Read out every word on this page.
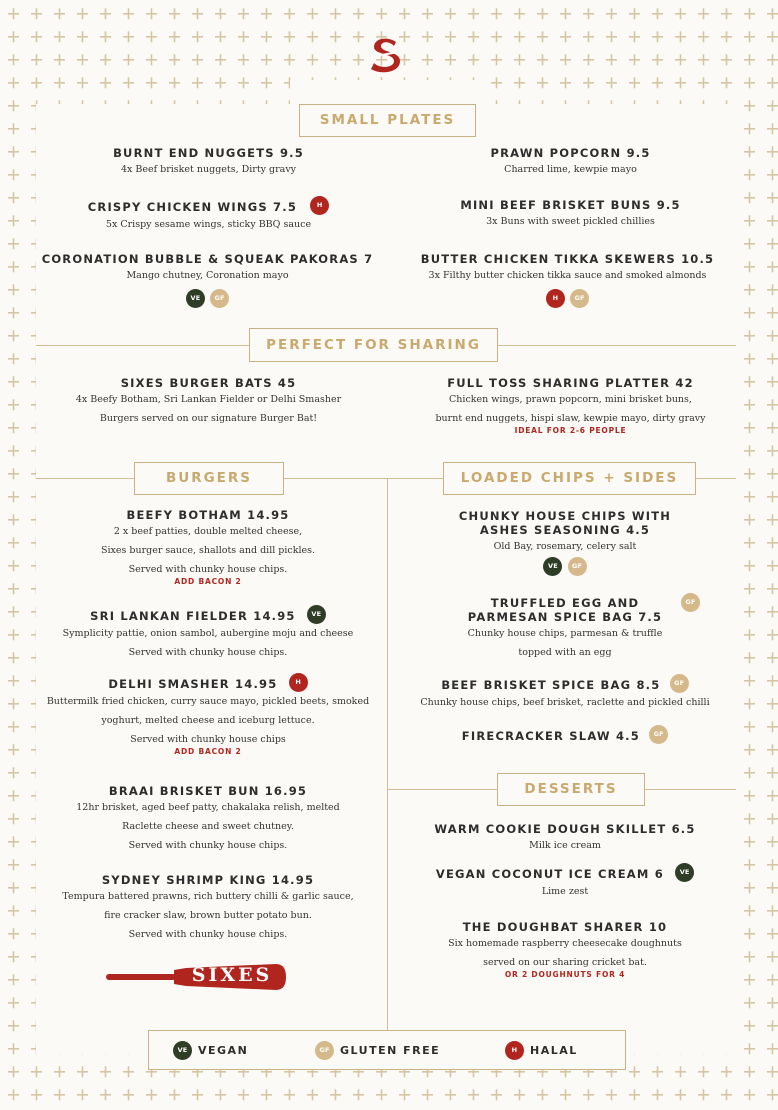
SMALL PLATES
BURNT END NUGGETS 9.5
4x Beef brisket nuggets, Dirty gravy
PRAWN POPCORN 9.5
Charred lime, kewpie mayo
CRISPY CHICKEN WINGS 7.5	H
5x Crispy sesame wings, sticky BBQ sauce
MINI BEEF BRISKET BUNS 9.5
3x Buns with sweet pickled chillies
CORONATION BUBBLE & SQUEAK PAKORAS 7
Mango chutney, Coronation mayo
VE GF
BUTTER CHICKEN TIKKA SKEWERS 10.5
3x Filthy butter chicken tikka sauce and smoked almonds
H GF
PERFECT FOR SHARING
SIXES BURGER BATS 45
4x Beefy Botham, Sri Lankan Fielder or Delhi Smasher
Burgers served on our signature Burger Bat!
FULL TOSS SHARING PLATTER 42
Chicken wings, prawn popcorn, mini brisket buns,
burnt end nuggets, hispi slaw, kewpie mayo, dirty gravy
IDEAL FOR 2-6 PEOPLE
BURGERS	LOADED CHIPS + SIDES
BEEFY BOTHAM 14.95
2 x beef patties, double melted cheese,
Sixes burger sauce, shallots and dill pickles.
Served with chunky house chips.
ADD BACON 2
SRI LANKAN FIELDER 14.95 VE
Symplicity pattie, onion sambol, aubergine moju and cheese
Served with chunky house chips.
DELHI SMASHER 14.95	H
Buttermilk fried chicken, curry sauce mayo, pickled beets, smoked
yoghurt, melted cheese and iceburg lettuce.
Served with chunky house chips
ADD BACON 2
BRAAI BRISKET BUN 16.95
12hr brisket, aged beef patty, chakalaka relish, melted
Raclette cheese and sweet chutney.
Served with chunky house chips.
SYDNEY SHRIMP KING 14.95
Tempura battered prawns, rich buttery chilli & garlic sauce,
fire cracker slaw, brown butter potato bun.
Served with chunky house chips.
CHUNKY HOUSE CHIPS WITH
ASHES SEASONING 4.5
Old Bay, rosemary, celery salt
VE GF
TRUFFLED EGG AND
PARMESAN SPICE BAG 7.5
Chunky house chips, parmesan & truffle
topped with an egg
GF
BEEF BRISKET SPICE BAG 8.5 GF
Chunky house chips, beef brisket, raclette and pickled chilli
FIRECRACKER SLAW 4.5 GF
DESSERTS
WARM COOKIE DOUGH SKILLET 6.5
Milk ice cream
VEGAN COCONUT ICE CREAM 6 VE
Lime zest
THE DOUGHBAT SHARER 10
Six homemade raspberry cheesecake doughnuts
served on our sharing cricket bat.
OR 2 DOUGHNUTS FOR 4
SIXES
VE VEGAN	GF GLUTEN FREE	H HALAL
